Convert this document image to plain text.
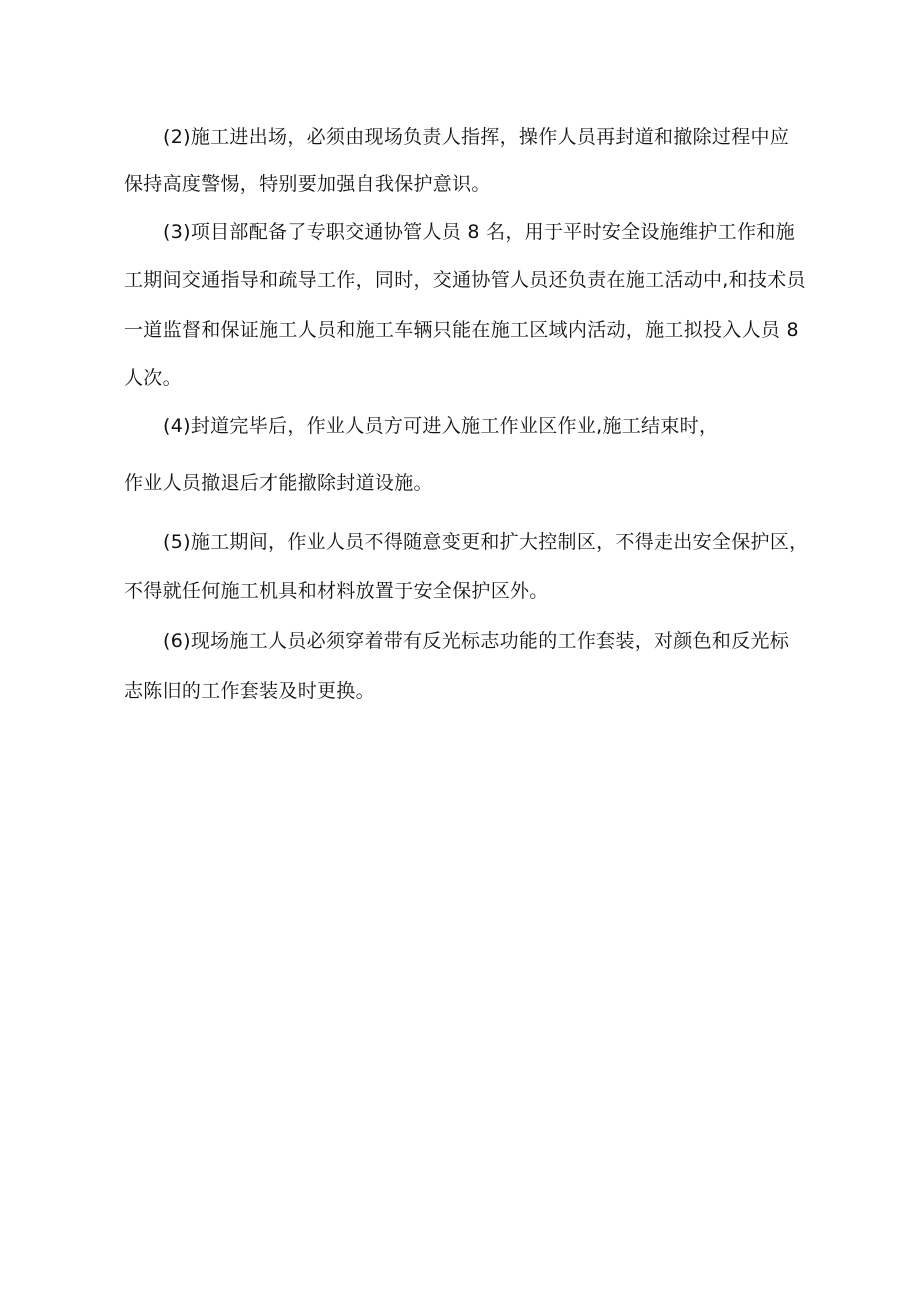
(2)施工进出场，必须由现场负责人指挥，操作人员再封道和撤除过程中应
保持高度警惕，特别要加强自我保护意识。
(3)项目部配备了专职交通协管人员 8 名，用于平时安全设施维护工作和施
工期间交通指导和疏导工作，同时，交通协管人员还负责在施工活动中,和技术员
一道监督和保证施工人员和施工车辆只能在施工区域内活动，施工拟投入人员 8
人次。
(4)封道完毕后，作业人员方可进入施工作业区作业,施工结束时，
作业人员撤退后才能撤除封道设施。
(5)施工期间，作业人员不得随意变更和扩大控制区，不得走出安全保护区，
不得就任何施工机具和材料放置于安全保护区外。
(6)现场施工人员必须穿着带有反光标志功能的工作套装，对颜色和反光标
志陈旧的工作套装及时更换。
